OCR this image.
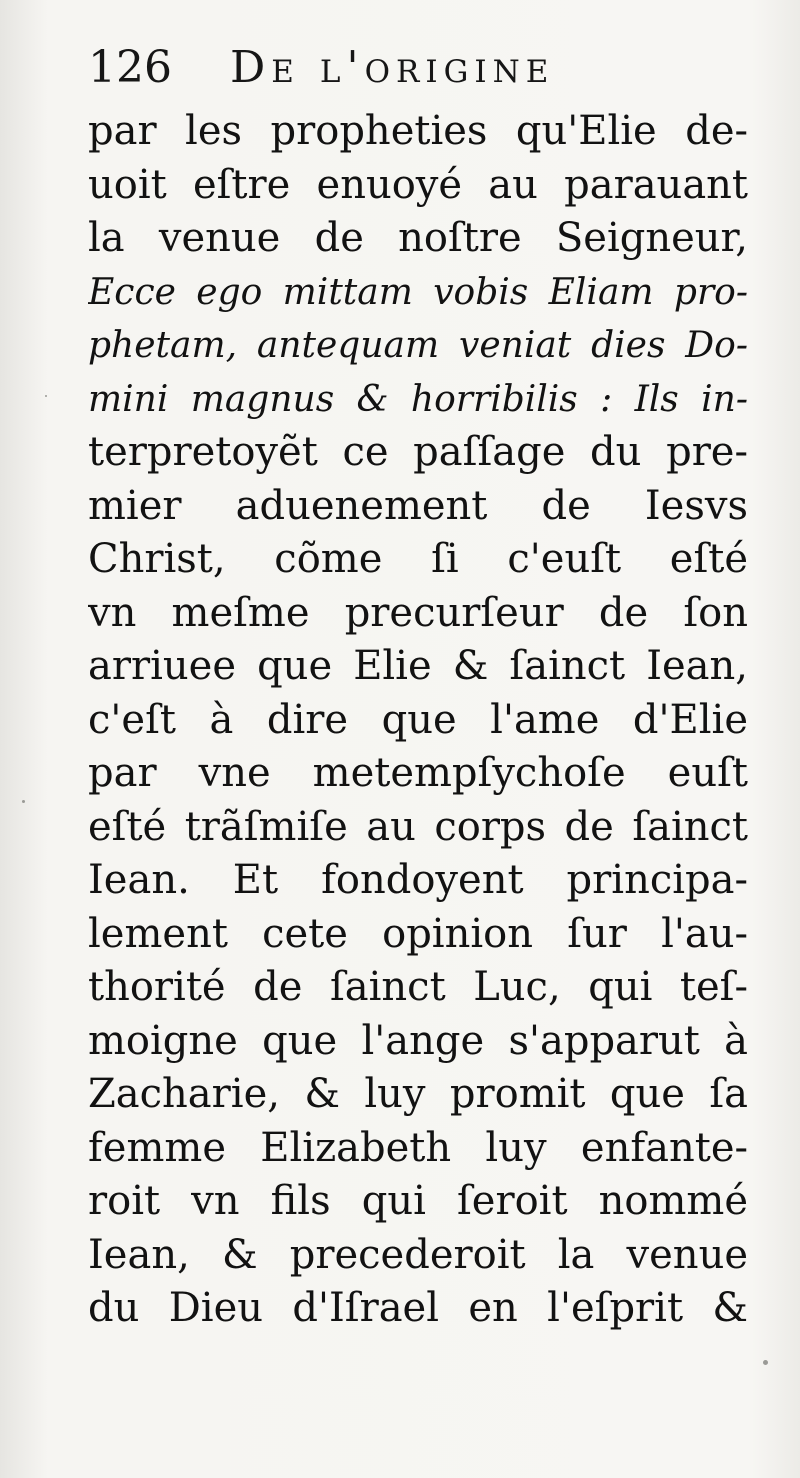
126 De l'origine
par les propheties qu'Elie de-
uoit eſtre enuoyé au parauant
la venue de noſtre Seigneur,
Ecce ego mittam vobis Eliam pro-
phetam, antequam veniat dies Do-
mini magnus & horribilis : Ils in-
terpretoyẽt ce paſſage du pre-
mier aduenement de Iesvs
Christ, cõme ſi c'euſt eſté
vn meſme precurſeur de ſon
arriuee que Elie & ſainct Iean,
c'eſt à dire que l'ame d'Elie
par vne metempſychoſe euſt
eſté trãſmiſe au corps de ſainct
Iean. Et fondoyent principa-
lement cete opinion ſur l'au-
thorité de ſainct Luc, qui teſ-
moigne que l'ange s'apparut à
Zacharie, & luy promit que ſa
femme Elizabeth luy enfante-
roit vn fils qui ſeroit nommé
Iean, & precederoit la venue
du Dieu d'Iſrael en l'eſprit &
